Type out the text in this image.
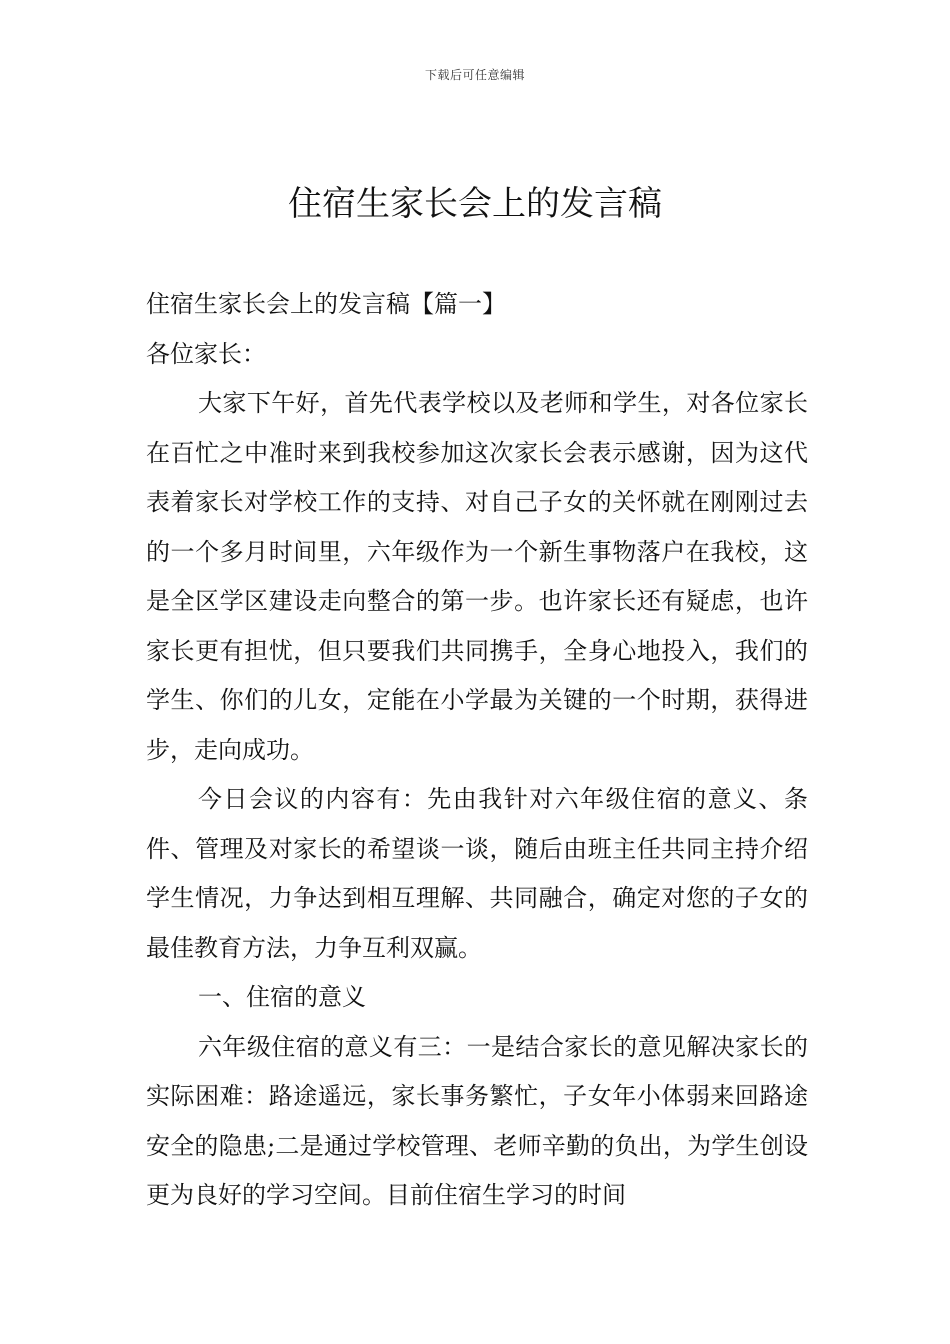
下载后可任意编辑
住宿生家长会上的发言稿

住宿生家长会上的发言稿【篇一】

各位家长：

大家下午好，首先代表学校以及老师和学生，对各位家长在百忙之中准时来到我校参加这次家长会表示感谢，因为这代表着家长对学校工作的支持、对自己子女的关怀就在刚刚过去的一个多月时间里，六年级作为一个新生事物落户在我校，这是全区学区建设走向整合的第一步。也许家长还有疑虑，也许家长更有担忧，但只要我们共同携手，全身心地投入，我们的学生、你们的儿女，定能在小学最为关键的一个时期，获得进步，走向成功。

今日会议的内容有：先由我针对六年级住宿的意义、条件、管理及对家长的希望谈一谈，随后由班主任共同主持介绍学生情况，力争达到相互理解、共同融合，确定对您的子女的最佳教育方法，力争互利双赢。

一、住宿的意义

六年级住宿的意义有三：一是结合家长的意见解决家长的实际困难：路途遥远，家长事务繁忙，子女年小体弱来回路途安全的隐患;二是通过学校管理、老师辛勤的负出，为学生创设更为良好的学习空间。目前住宿生学习的时间
